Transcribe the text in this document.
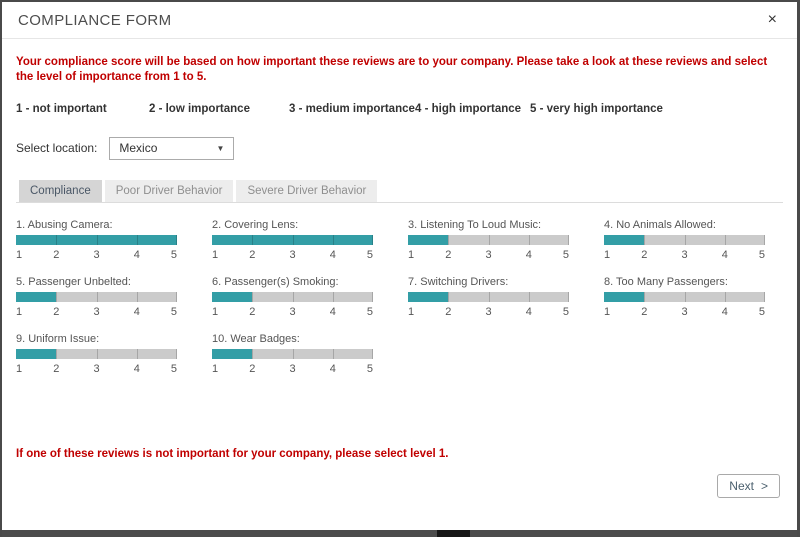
COMPLIANCE FORM	×
Your compliance score will be based on how important these reviews are to your company. Please take a look at these reviews and select the level of importance from 1 to 5.
1 - not important	2 - low importance	3 - medium importance 4 - high importance 5 - very high importance
Select location: Mexico	▼
Compliance	Poor Driver Behavior	Severe Driver Behavior
1. Abusing Camera:
1	2	3	4	5
2. Covering Lens:
1	2	3	4	5
3. Listening To Loud Music:
1	2	3	4	5
4. No Animals Allowed:
1	2	3	4	5
5. Passenger Unbelted:
1	2	3	4	5
6. Passenger(s) Smoking:
1	2	3	4	5
7. Switching Drivers:
1	2	3	4	5
8. Too Many Passengers:
1	2	3	4	5
9. Uniform Issue:
1	2	3	4	5
10. Wear Badges:
1	2	3	4	5
If one of these reviews is not important for your company, please select level 1.
Next >
